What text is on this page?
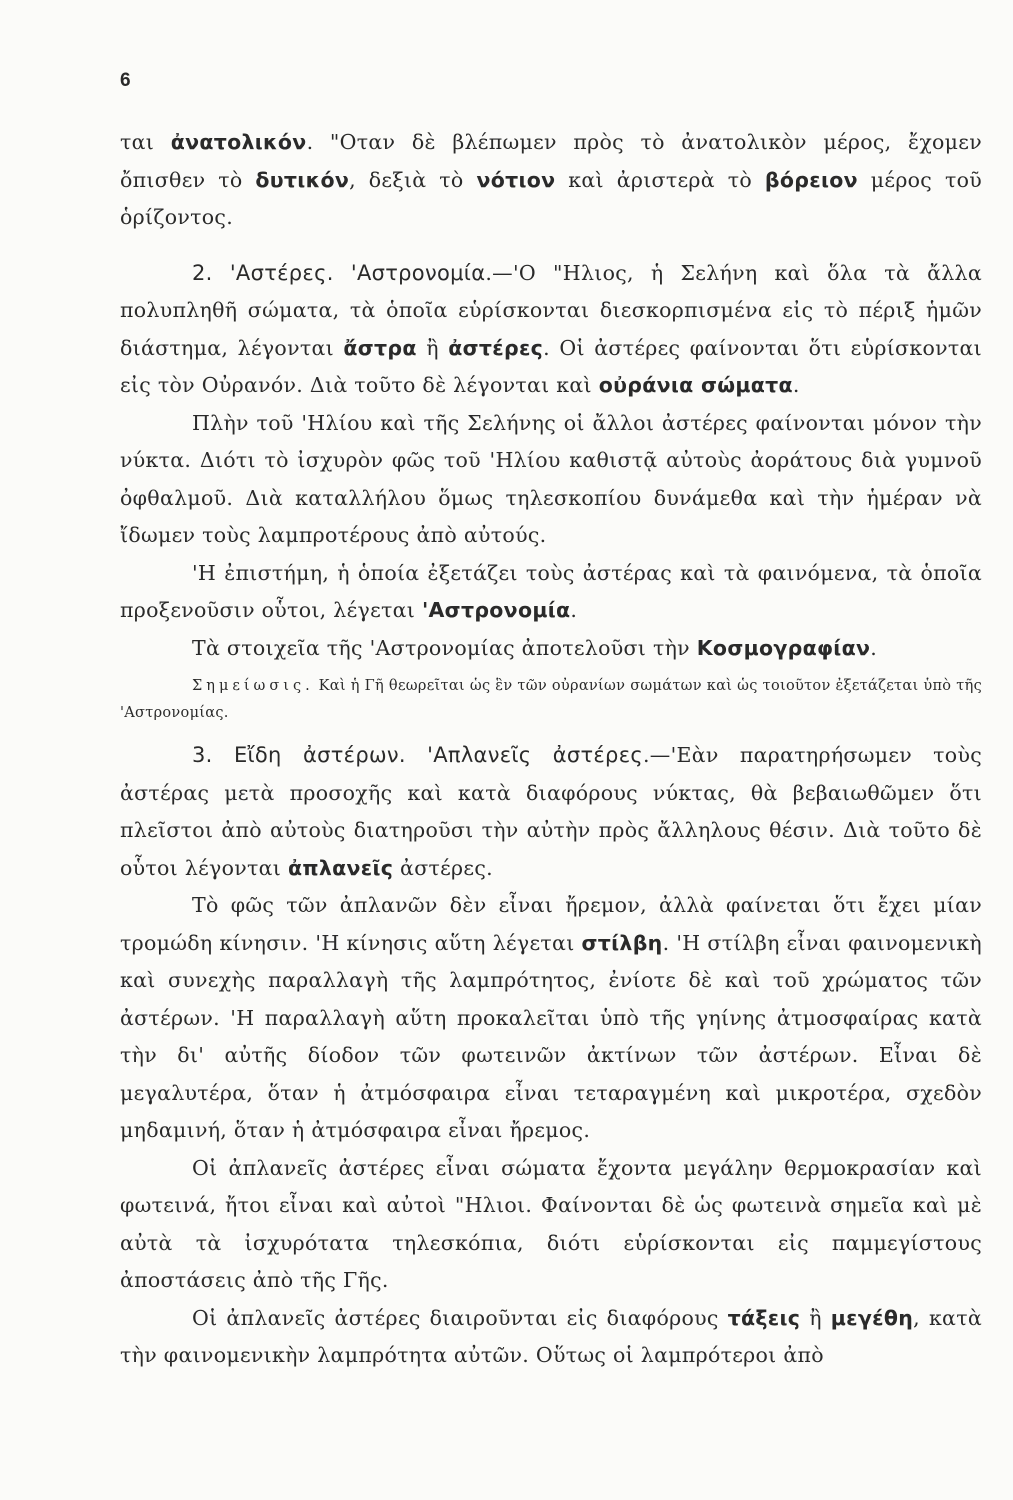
6

ται ἀνατολικόν. "Οταν δὲ βλέπωμεν πρὸς τὸ ἀνατολικὸν μέρος, ἔχομεν ὄπισθεν τὸ δυτικόν, δεξιὰ τὸ νότιον καὶ ἀριστερὰ τὸ βόρειον μέρος τοῦ ὁρίζοντος.

2. 'Αστέρες. 'Αστρονομία.—'Ο "Ηλιος, ἡ Σελήνη καὶ ὅλα τὰ ἄλλα πολυπληθῆ σώματα, τὰ ὁποῖα εὑρίσκονται διεσκορπισμένα εἰς τὸ πέριξ ἡμῶν διάστημα, λέγονται ἄστρα ἢ ἀστέρες. Οἱ ἀστέρες φαίνονται ὅτι εὑρίσκονται εἰς τὸν Οὐρανόν. Διὰ τοῦτο δὲ λέγονται καὶ οὐράνια σώματα.

Πλὴν τοῦ 'Ηλίου καὶ τῆς Σελήνης οἱ ἄλλοι ἀστέρες φαίνονται μόνον τὴν νύκτα. Διότι τὸ ἰσχυρὸν φῶς τοῦ 'Ηλίου καθιστᾷ αὐτοὺς ἀοράτους διὰ γυμνοῦ ὀφθαλμοῦ. Διὰ καταλλήλου ὅμως τηλεσκοπίου δυνάμεθα καὶ τὴν ἡμέραν νὰ ἴδωμεν τοὺς λαμπροτέρους ἀπὸ αὐτούς.

'Η ἐπιστήμη, ἡ ὁποία ἐξετάζει τοὺς ἀστέρας καὶ τὰ φαινόμενα, τὰ ὁποῖα προξενοῦσιν οὗτοι, λέγεται 'Αστρονομία.

Τὰ στοιχεῖα τῆς 'Αστρονομίας ἀποτελοῦσι τὴν Κοσμογραφίαν.

Σημείωσις. Καὶ ἡ Γῆ θεωρεῖται ὡς ἓν τῶν οὐρανίων σωμάτων καὶ ὡς τοιοῦτον ἐξετάζεται ὑπὸ τῆς 'Αστρονομίας.

3. Εἴδη ἀστέρων. 'Απλανεῖς ἀστέρες.—'Εὰν παρατηρήσωμεν τοὺς ἀστέρας μετὰ προσοχῆς καὶ κατὰ διαφόρους νύκτας, θὰ βεβαιωθῶμεν ὅτι πλεῖστοι ἀπὸ αὐτοὺς διατηροῦσι τὴν αὐτὴν πρὸς ἄλληλους θέσιν. Διὰ τοῦτο δὲ οὗτοι λέγονται ἀπλανεῖς ἀστέρες.

Τὸ φῶς τῶν ἀπλανῶν δὲν εἶναι ἤρεμον, ἀλλὰ φαίνεται ὅτι ἔχει μίαν τρομώδη κίνησιν. 'Η κίνησις αὕτη λέγεται στίλβη. 'Η στίλβη εἶναι φαινομενικὴ καὶ συνεχὴς παραλλαγὴ τῆς λαμπρότητος, ἐνίοτε δὲ καὶ τοῦ χρώματος τῶν ἀστέρων. 'Η παραλλαγὴ αὕτη προκαλεῖται ὑπὸ τῆς γηίνης ἀτμοσφαίρας κατὰ τὴν δι' αὐτῆς δίοδον τῶν φωτεινῶν ἀκτίνων τῶν ἀστέρων. Εἶναι δὲ μεγαλυτέρα, ὅταν ἡ ἀτμόσφαιρα εἶναι τεταραγμένη καὶ μικροτέρα, σχεδὸν μηδαμινή, ὅταν ἡ ἀτμόσφαιρα εἶναι ἤρεμος.

Οἱ ἀπλανεῖς ἀστέρες εἶναι σώματα ἔχοντα μεγάλην θερμοκρασίαν καὶ φωτεινά, ἤτοι εἶναι καὶ αὐτοὶ "Ηλιοι. Φαίνονται δὲ ὡς φωτεινὰ σημεῖα καὶ μὲ αὐτὰ τὰ ἰσχυρότατα τηλεσκόπια, διότι εὑρίσκονται εἰς παμμεγίστους ἀποστάσεις ἀπὸ τῆς Γῆς.

Οἱ ἀπλανεῖς ἀστέρες διαιροῦνται εἰς διαφόρους τάξεις ἢ μεγέθη, κατὰ τὴν φαινομενικὴν λαμπρότητα αὐτῶν. Οὕτως οἱ λαμπρότεροι ἀπὸ
